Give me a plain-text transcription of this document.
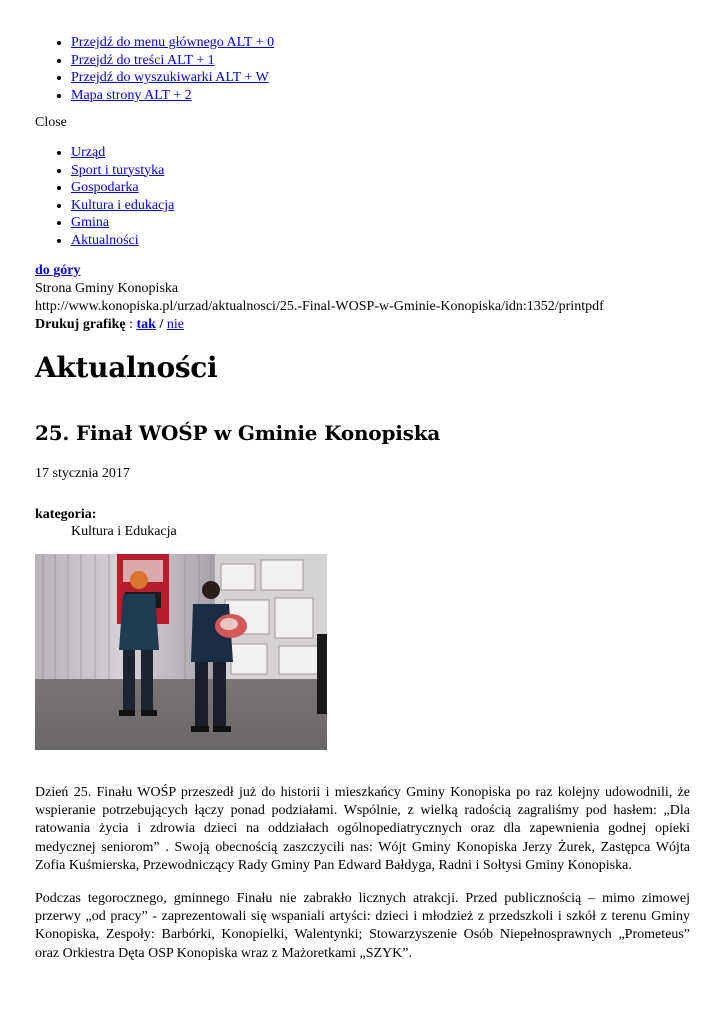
• Przejdź do menu głównego ALT + 0
• Przejdź do treści ALT + 1
• Przejdź do wyszukiwarki ALT + W
• Mapa strony ALT + 2
Close
• Urząd
• Sport i turystyka
• Gospodarka
• Kultura i edukacja
• Gmina
• Aktualności
do góry
Strona Gminy Konopiska
http://www.konopiska.pl/urzad/aktualnosci/25.-Final-WOSP-w-Gminie-Konopiska/idn:1352/printpdf
Drukuj grafikę : tak / nie
Aktualności
25. Finał WOŚP w Gminie Konopiska
17 stycznia 2017
kategoria:
Kultura i Edukacja

Dzień 25. Finału WOŚP przeszedł już do historii i mieszkańcy Gminy Konopiska po raz kolejny udowodnili, że wspieranie potrzebujących łączy ponad podziałami. Wspólnie, z wielką radością zagraliśmy pod hasłem: „Dla ratowania życia i zdrowia dzieci na oddziałach ogólnopediatrycznych oraz dla zapewnienia godnej opieki medycznej seniorom” . Swoją obecnością zaszczycili nas: Wójt Gminy Konopiska Jerzy Żurek, Zastępca Wójta Zofia Kuśmierska, Przewodniczący Rady Gminy Pan Edward Bałdyga, Radni i Sołtysi Gminy Konopiska.

Podczas tegorocznego, gminnego Finału nie zabrakło licznych atrakcji. Przed publicznością – mimo zimowej przerwy „od pracy” - zaprezentowali się wspaniali artyści: dzieci i młodzież z przedszkoli i szkół z terenu Gminy Konopiska, Zespoły: Barbórki, Konopielki, Walentynki; Stowarzyszenie Osób Niepełnosprawnych „Prometeus” oraz Orkiestra Dęta OSP Konopiska wraz z Mażoretkami „SZYK”.
